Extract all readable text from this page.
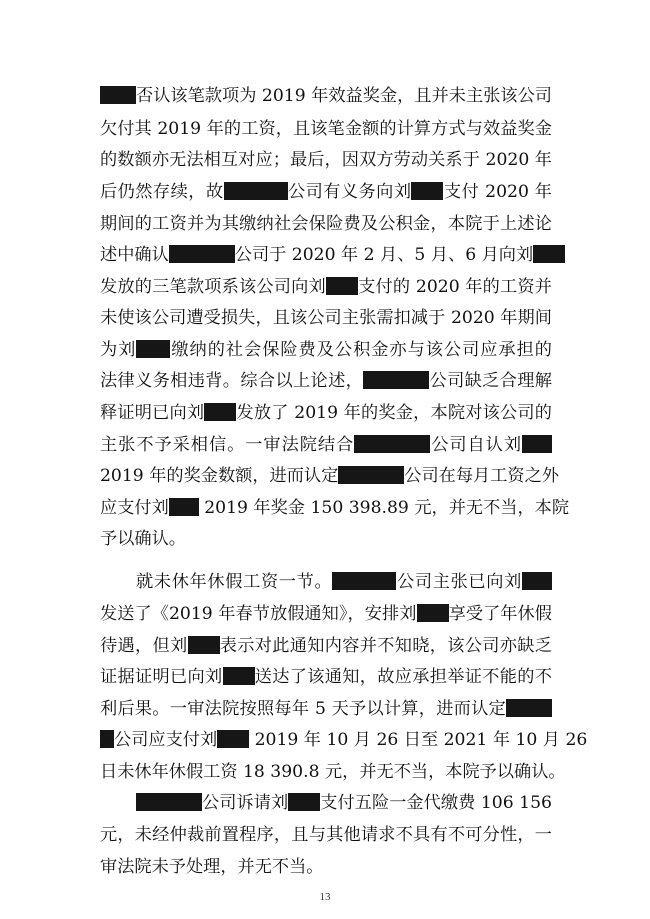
否认该笔款项为 2019 年效益奖金，且并未主张该公司
欠付其 2019 年的工资，且该笔金额的计算方式与效益奖金
的数额亦无法相互对应；最后，因双方劳动关系于 2020 年
后仍然存续，故	公司有义务向刘 支付 2020 年
期间的工资并为其缴纳社会保险费及公积金，本院于上述论
述中确认	公司于 2020 年 2 月、5 月、6 月向刘
发放的三笔款项系该公司向刘 支付的 2020 年的工资并
未使该公司遭受损失，且该公司主张需扣减于 2020 年期间
为刘 缴纳的社会保险费及公积金亦与该公司应承担的
法律义务相违背。综合以上论述，	公司缺乏合理解
释证明已向刘 发放了 2019 年的奖金，本院对该公司的
主张不予采相信。一审法院结合	公司自认刘
2019 年的奖金数额，进而认定	公司在每月工资之外
应支付刘 2019 年奖金 150 398.89 元，并无不当，本院
予以确认。
就未休年休假工资一节。	公司主张已向刘
发送了《2019 年春节放假通知》，安排刘 享受了年休假
待遇，但刘 表示对此通知内容并不知晓，该公司亦缺乏
证据证明已向刘 送达了该通知，故应承担举证不能的不
利后果。一审法院按照每年 5 天予以计算，进而认定
公司应支付刘 2019 年 10 月 26 日至 2021 年 10 月 26
日未休年休假工资 18 390.8 元，并无不当，本院予以确认。
公司诉请刘 支付五险一金代缴费 106 156
元，未经仲裁前置程序，且与其他请求不具有不可分性，一
审法院未予处理，并无不当。
13
